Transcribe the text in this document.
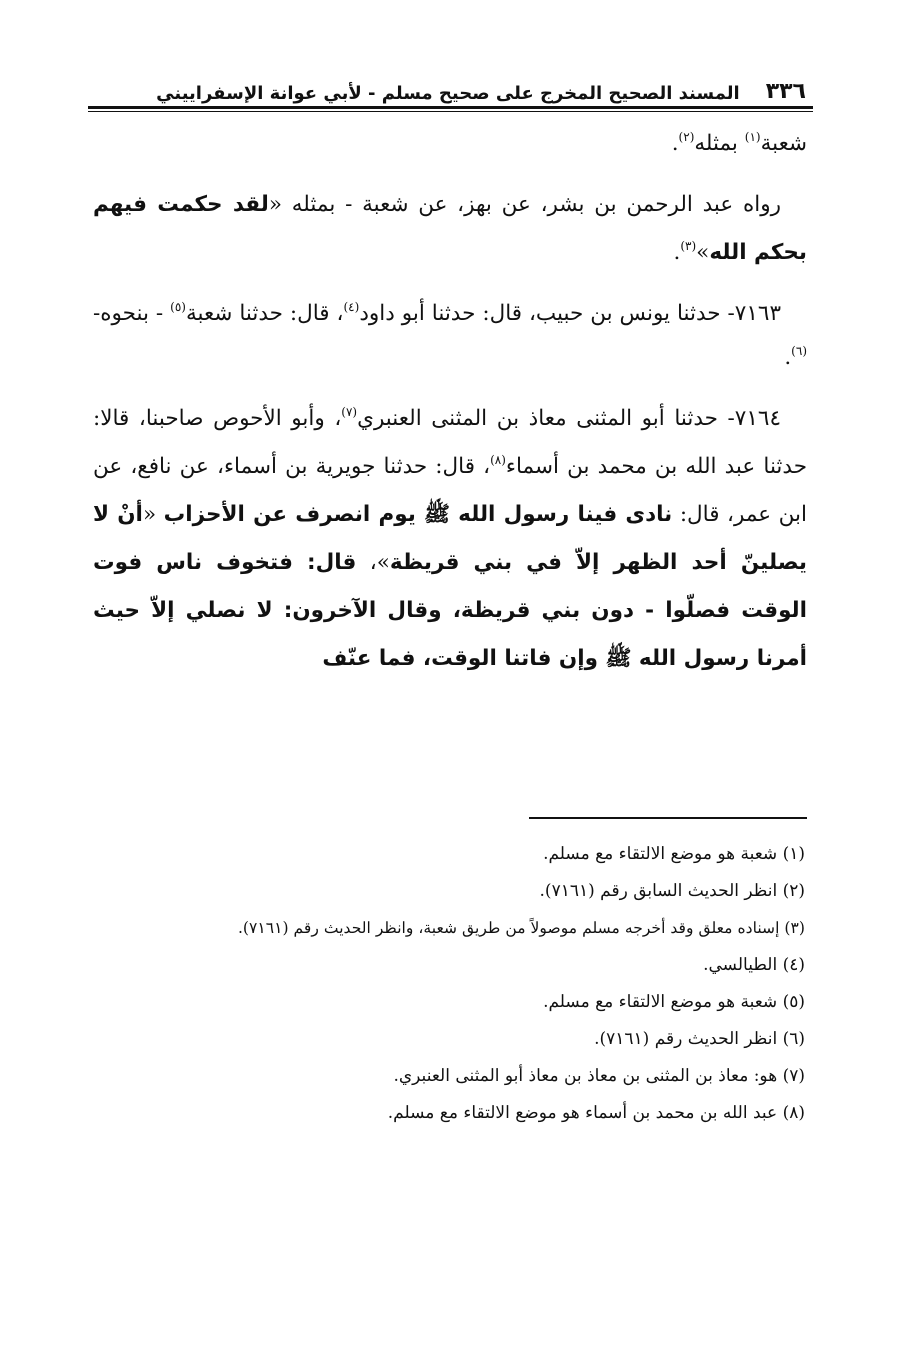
٣٣٦
المسند الصحيح المخرج على صحيح مسلم - لأبي عوانة الإسفراييني

شعبة$^{(١)}$ بمثله$^{(٢)}$.

رواه عبد الرحمن بن بشر، عن بهز، عن شعبة - بمثله «لقد حكمت فيهم بحكم الله»$^{(٣)}$.

٧١٦٣- حدثنا يونس بن حبيب، قال: حدثنا أبو داود$^{(٤)}$، قال: حدثنا شعبة$^{(٥)}$ - بنحوه-$^{(٦)}$.

٧١٦٤- حدثنا أبو المثنى معاذ بن المثنى العنبري$^{(٧)}$، وأبو الأحوص صاحبنا، قالا: حدثنا عبد الله بن محمد بن أسماء$^{(٨)}$، قال: حدثنا جويرية بن أسماء، عن نافع، عن ابن عمر، قال: نادى فينا رسول الله ﷺ يوم انصرف عن الأحزاب «أنْ لا يصلينّ أحد الظهر إلاّ في بني قريظة»، قال: فتخوف ناس فوت الوقت فصلّوا - دون بني قريظة، وقال الآخرون: لا نصلي إلاّ حيث أمرنا رسول الله ﷺ وإن فاتنا الوقت، فما عنّف

(١) شعبة هو موضع الالتقاء مع مسلم.

(٢) انظر الحديث السابق رقم (٧١٦١).

(٣) إسناده معلق وقد أخرجه مسلم موصولاً من طريق شعبة، وانظر الحديث رقم (٧١٦١).

(٤) الطيالسي.

(٥) شعبة هو موضع الالتقاء مع مسلم.

(٦) انظر الحديث رقم (٧١٦١).

(٧) هو: معاذ بن المثنى بن معاذ بن معاذ أبو المثنى العنبري.

(٨) عبد الله بن محمد بن أسماء هو موضع الالتقاء مع مسلم.
